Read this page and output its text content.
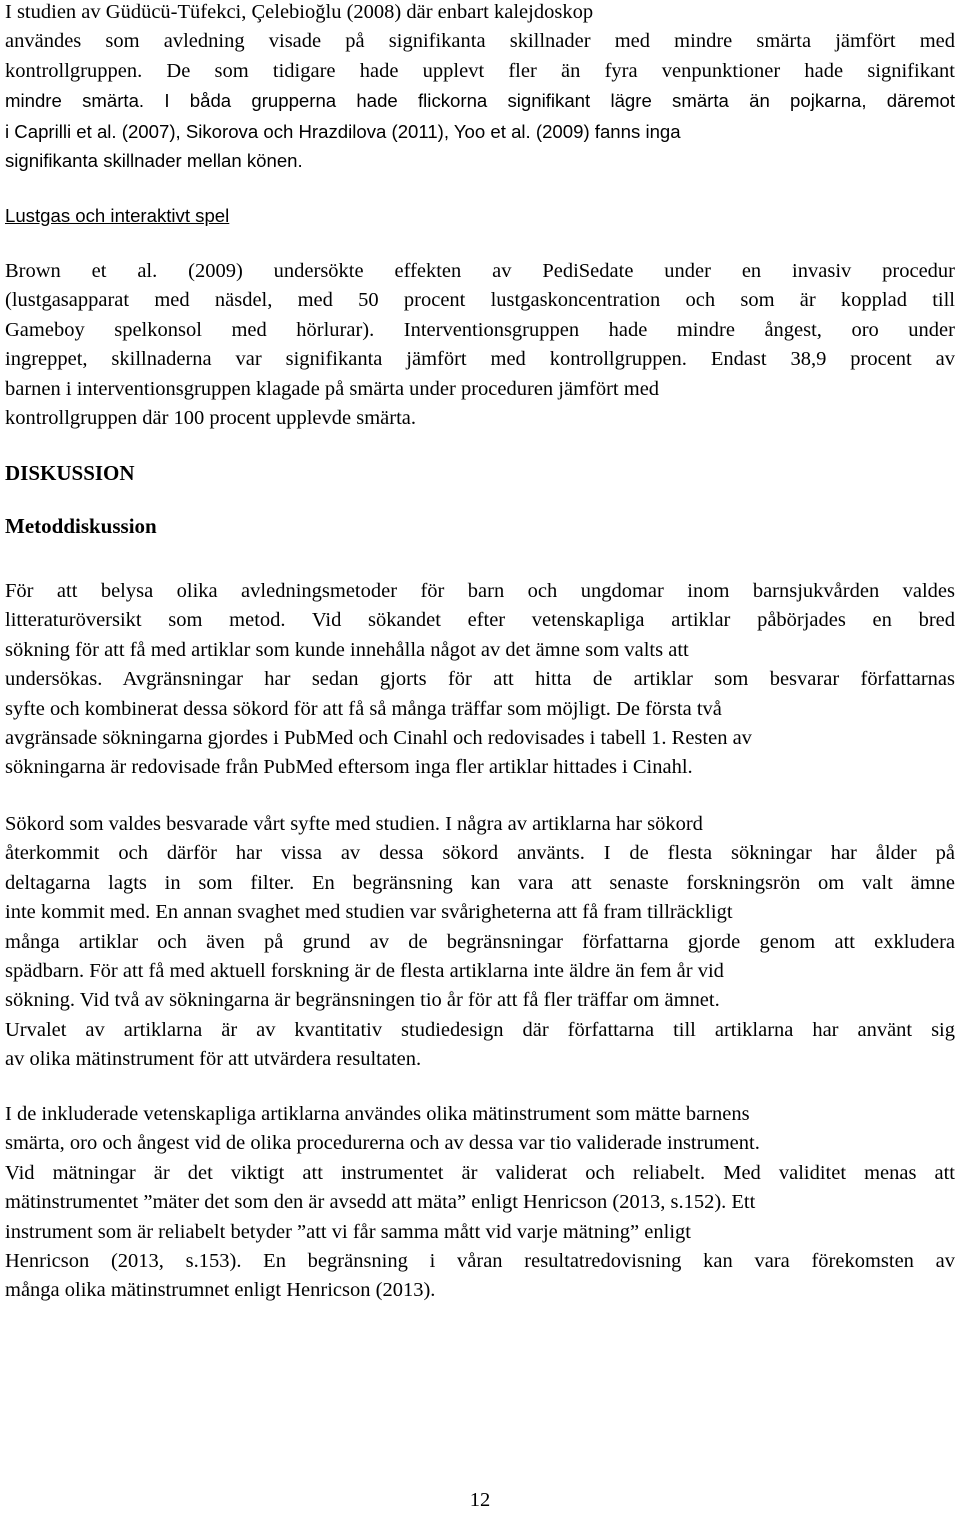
I studien av Güdücü-Tüfekci, Çelebioğlu (2008) där enbart kalejdoskop
användes som avledning visade på signifikanta skillnader med mindre smärta jämfört med
kontrollgruppen. De som tidigare hade upplevt fler än fyra venpunktioner hade signifikant
mindre smärta. I båda grupperna hade flickorna signifikant lägre smärta än pojkarna, däremot
i Caprilli et al. (2007), Sikorova och Hrazdilova (2011), Yoo et al. (2009) fanns inga
signifikanta skillnader mellan könen.
Lustgas och interaktivt spel
Brown et al. (2009) undersökte effekten av PediSedate under en invasiv procedur
(lustgasapparat med näsdel, med 50 procent lustgaskoncentration och som är kopplad till
Gameboy spelkonsol med hörlurar). Interventionsgruppen hade mindre ångest, oro under
ingreppet, skillnaderna var signifikanta jämfört med kontrollgruppen. Endast 38,9 procent av
barnen i interventionsgruppen klagade på smärta under proceduren jämfört med
kontrollgruppen där 100 procent upplevde smärta.
DISKUSSION
Metoddiskussion
För att belysa olika avledningsmetoder för barn och ungdomar inom barnsjukvården valdes
litteraturöversikt som metod. Vid sökandet efter vetenskapliga artiklar påbörjades en bred
sökning för att få med artiklar som kunde innehålla något av det ämne som valts att
undersökas. Avgränsningar har sedan gjorts för att hitta de artiklar som besvarar författarnas
syfte och kombinerat dessa sökord för att få så många träffar som möjligt. De första två
avgränsade sökningarna gjordes i PubMed och Cinahl och redovisades i tabell 1. Resten av
sökningarna är redovisade från PubMed eftersom inga fler artiklar hittades i Cinahl.
Sökord som valdes besvarade vårt syfte med studien. I några av artiklarna har sökord
återkommit och därför har vissa av dessa sökord använts. I de flesta sökningar har ålder på
deltagarna lagts in som filter. En begränsning kan vara att senaste forskningsrön om valt ämne
inte kommit med. En annan svaghet med studien var svårigheterna att få fram tillräckligt
många artiklar och även på grund av de begränsningar författarna gjorde genom att exkludera
spädbarn. För att få med aktuell forskning är de flesta artiklarna inte äldre än fem år vid
sökning. Vid två av sökningarna är begränsningen tio år för att få fler träffar om ämnet.
Urvalet av artiklarna är av kvantitativ studiedesign där författarna till artiklarna har använt sig
av olika mätinstrument för att utvärdera resultaten.
I de inkluderade vetenskapliga artiklarna användes olika mätinstrument som mätte barnens
smärta, oro och ångest vid de olika procedurerna och av dessa var tio validerade instrument.
Vid mätningar är det viktigt att instrumentet är validerat och reliabelt. Med validitet menas att
mätinstrumentet ”mäter det som den är avsedd att mäta” enligt Henricson (2013, s.152). Ett
instrument som är reliabelt betyder ”att vi får samma mått vid varje mätning” enligt
Henricson (2013, s.153). En begränsning i våran resultatredovisning kan vara förekomsten av
många olika mätinstrumnet enligt Henricson (2013).
12
